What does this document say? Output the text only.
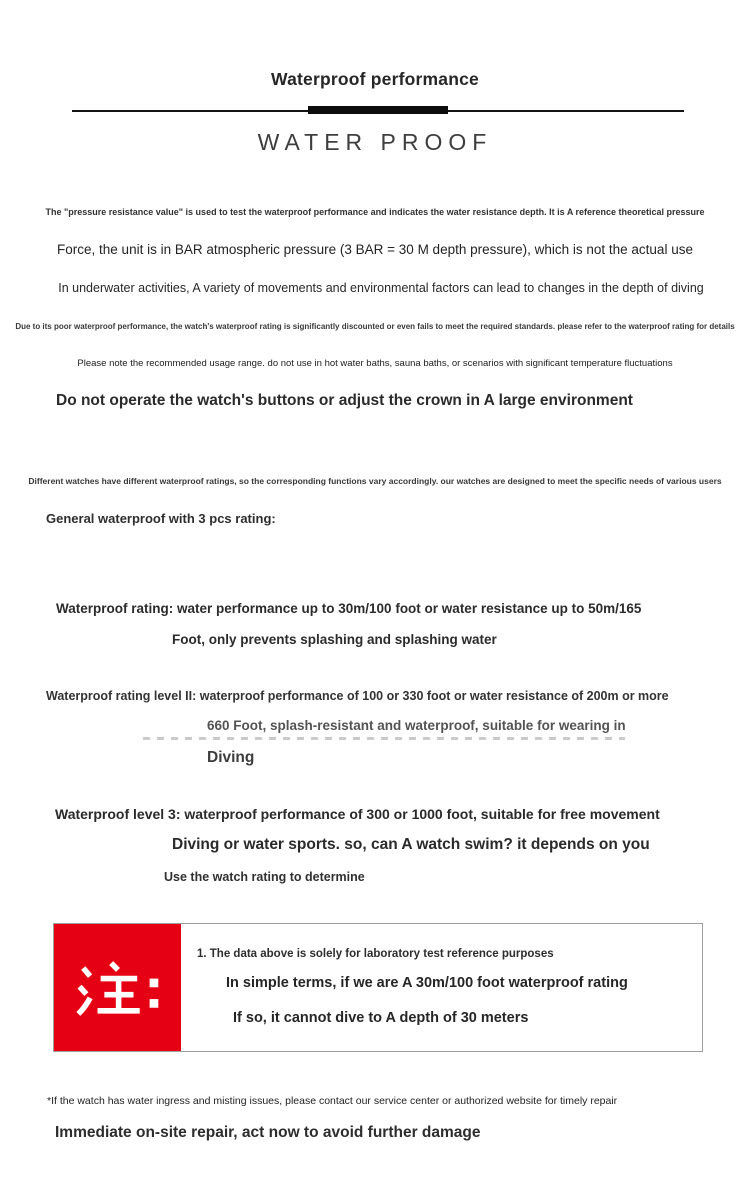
Waterproof performance
WATER PROOF
The "pressure resistance value" is used to test the waterproof performance and indicates the water resistance depth. It is A reference theoretical pressure
Force, the unit is in BAR atmospheric pressure (3 BAR = 30 M depth pressure), which is not the actual use
In underwater activities, A variety of movements and environmental factors can lead to changes in the depth of diving
Due to its poor waterproof performance, the watch's waterproof rating is significantly discounted or even fails to meet the required standards. please refer to the waterproof rating for details
Please note the recommended usage range. do not use in hot water baths, sauna baths, or scenarios with significant temperature fluctuations
Do not operate the watch's buttons or adjust the crown in A large environment
Different watches have different waterproof ratings, so the corresponding functions vary accordingly. our watches are designed to meet the specific needs of various users
General waterproof with 3 pcs rating:
Waterproof rating: water performance up to 30m/100 foot or water resistance up to 50m/165
Foot, only prevents splashing and splashing water
Waterproof rating level II: waterproof performance of 100 or 330 foot or water resistance of 200m or more
660 Foot, splash-resistant and waterproof, suitable for wearing in
Diving
Waterproof level 3: waterproof performance of 300 or 1000 foot, suitable for free movement
Diving or water sports. so, can A watch swim? it depends on you
Use the watch rating to determine
1. The data above is solely for laboratory test reference purposes
In simple terms, if we are A 30m/100 foot waterproof rating
If so, it cannot dive to A depth of 30 meters
*If the watch has water ingress and misting issues, please contact our service center or authorized website for timely repair
Immediate on-site repair, act now to avoid further damage
